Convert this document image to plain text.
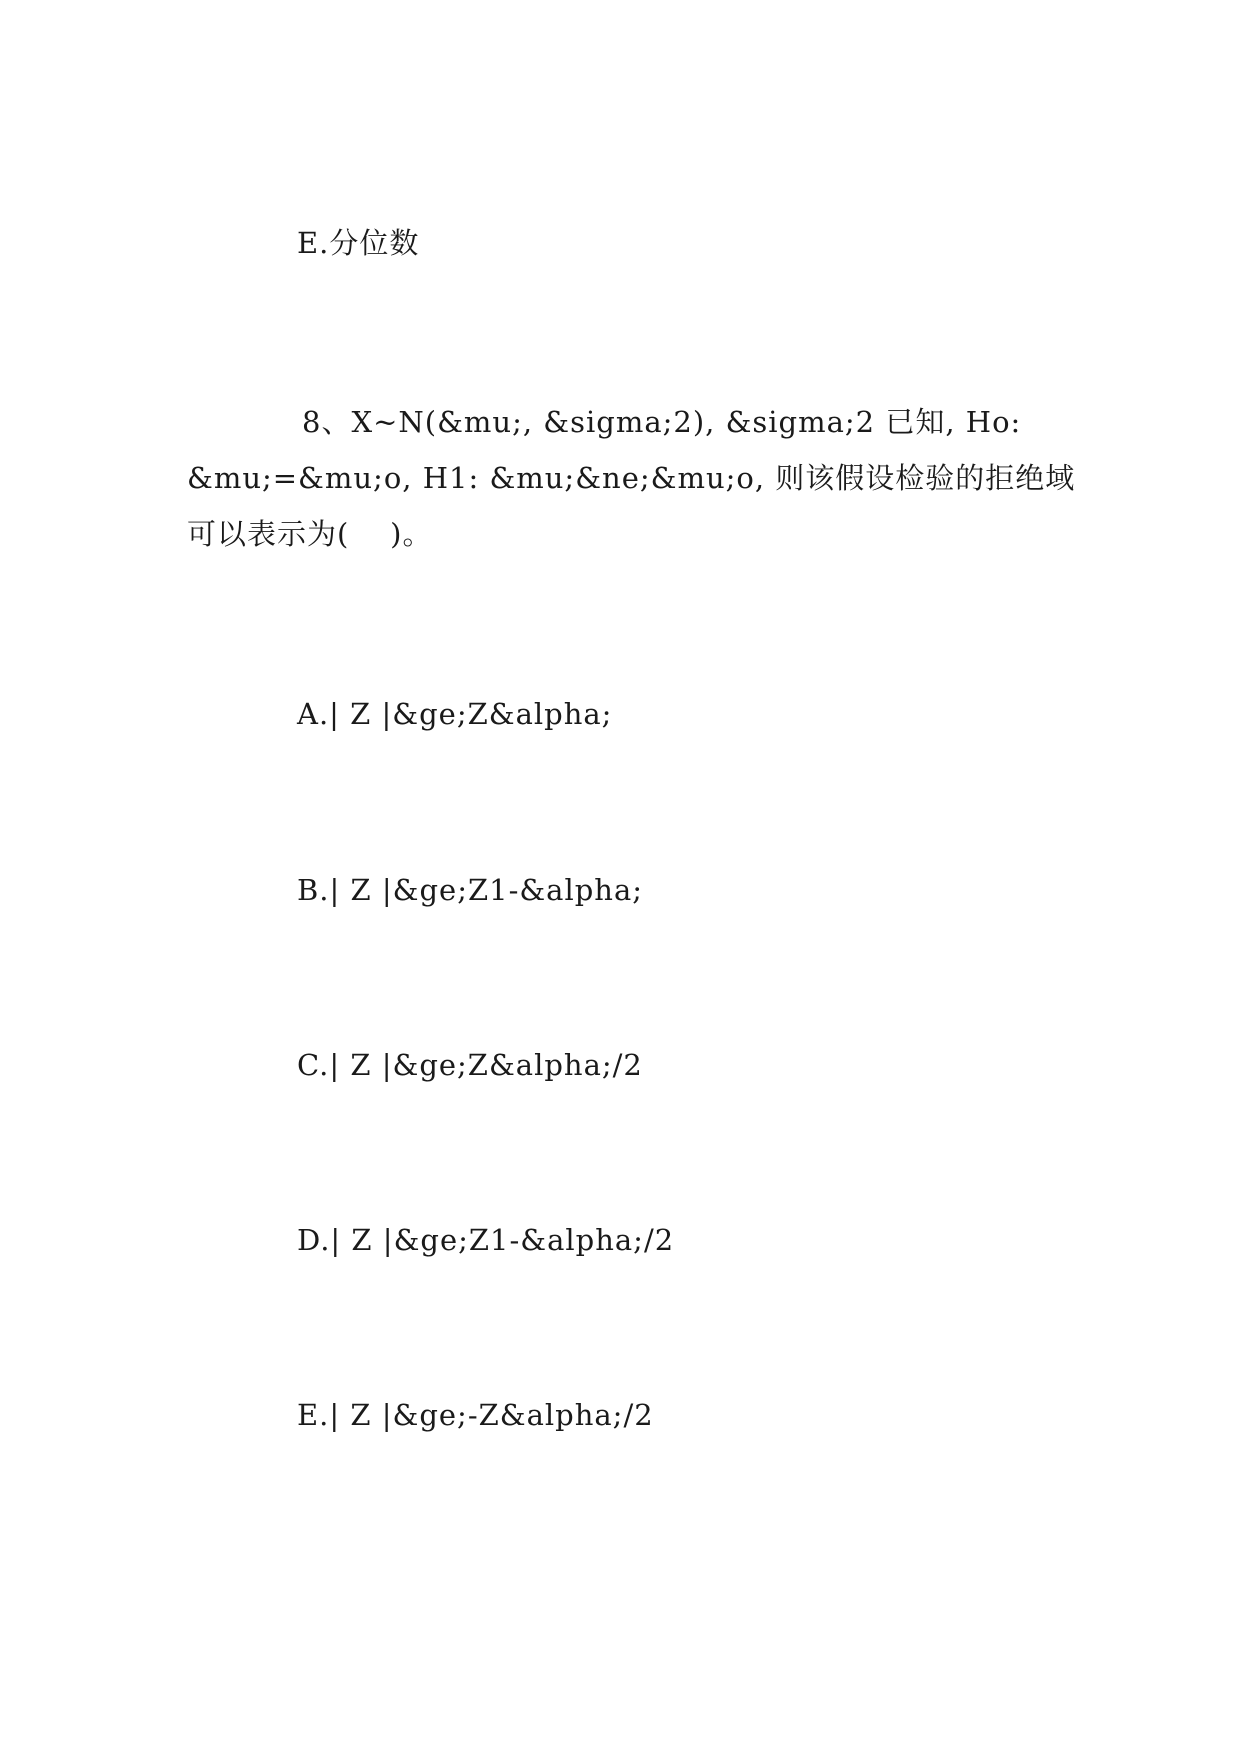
E.分位数
8、X~N(&mu;, &sigma;2), &sigma;2 已知, Ho:
&mu;=&mu;o, H1: &mu;&ne;&mu;o, 则该假设检验的拒绝域
可以表示为(    )。
A.| Z |&ge;Z&alpha;
B.| Z |&ge;Z1-&alpha;
C.| Z |&ge;Z&alpha;/2
D.| Z |&ge;Z1-&alpha;/2
E.| Z |&ge;-Z&alpha;/2
